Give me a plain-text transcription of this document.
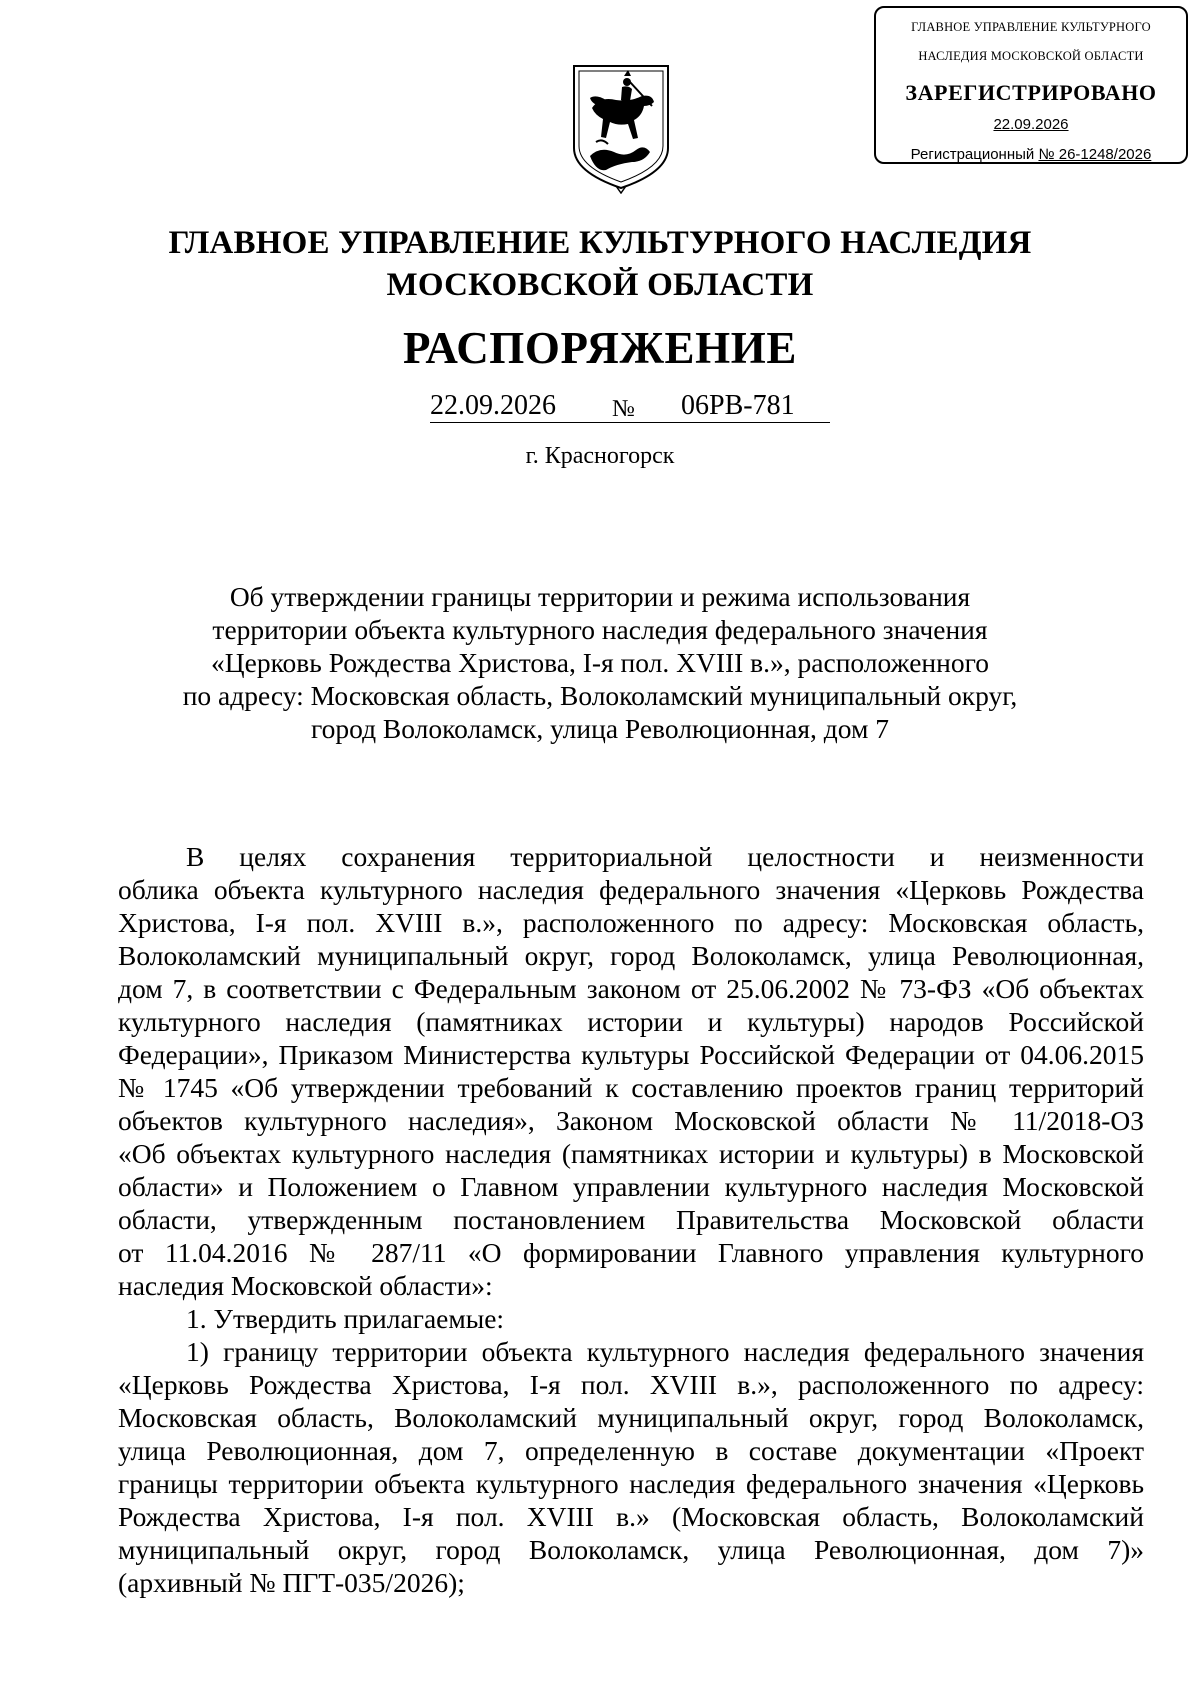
ГЛАВНОЕ УПРАВЛЕНИЕ КУЛЬТУРНОГО
НАСЛЕДИЯ МОСКОВСКОЙ ОБЛАСТИ
ЗАРЕГИСТРИРОВАНО
22.09.2026
Регистрационный № 26-1248/2026
ГЛАВНОЕ УПРАВЛЕНИЕ КУЛЬТУРНОГО НАСЛЕДИЯ
МОСКОВСКОЙ ОБЛАСТИ
РАСПОРЯЖЕНИЕ
22.09.2026 № 06РВ-781
г. Красногорск
Об утверждении границы территории и режима использования
территории объекта культурного наследия федерального значения
«Церковь Рождества Христова, I-я пол. XVIII в.», расположенного
по адресу: Московская область, Волоколамский муниципальный округ,
город Волоколамск, улица Революционная, дом 7
В целях сохранения территориальной целостности и неизменности
облика объекта культурного наследия федерального значения «Церковь Рождества
Христова, I-я пол. XVIII в.», расположенного по адресу: Московская область,
Волоколамский муниципальный округ, город Волоколамск, улица Революционная,
дом 7, в соответствии с Федеральным законом от 25.06.2002 № 73-ФЗ «Об объектах
культурного наследия (памятниках истории и культуры) народов Российской
Федерации», Приказом Министерства культуры Российской Федерации от 04.06.2015
№ 1745 «Об утверждении требований к составлению проектов границ территорий
объектов культурного наследия», Законом Московской области № 11/2018-ОЗ
«Об объектах культурного наследия (памятниках истории и культуры) в Московской
области» и Положением о Главном управлении культурного наследия Московской
области, утвержденным постановлением Правительства Московской области
от 11.04.2016 № 287/11 «О формировании Главного управления культурного
наследия Московской области»:
1. Утвердить прилагаемые:
1) границу территории объекта культурного наследия федерального значения
«Церковь Рождества Христова, I-я пол. XVIII в.», расположенного по адресу:
Московская область, Волоколамский муниципальный округ, город Волоколамск,
улица Революционная, дом 7, определенную в составе документации «Проект
границы территории объекта культурного наследия федерального значения «Церковь
Рождества Христова, I-я пол. XVIII в.» (Московская область, Волоколамский
муниципальный округ, город Волоколамск, улица Революционная, дом 7)»
(архивный № ПГТ-035/2026);
